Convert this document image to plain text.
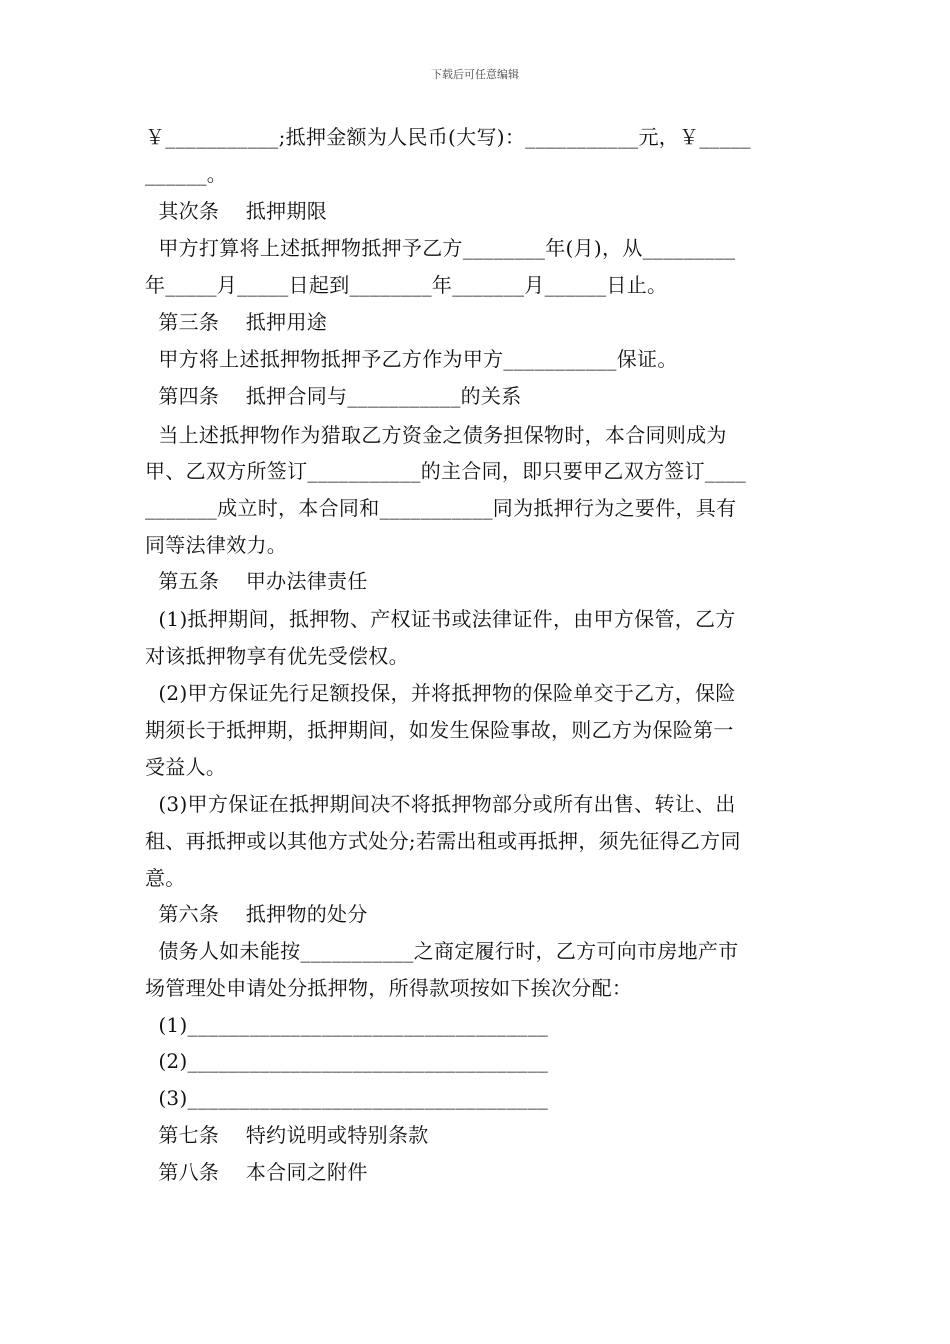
下载后可任意编辑
￥___________;抵押金额为人民币(大写)：___________元，￥_____
______。
其次条    抵押期限
甲方打算将上述抵押物抵押予乙方________年(月)，从_________
年_____月_____日起到________年_______月______日止。
第三条    抵押用途
甲方将上述抵押物抵押予乙方作为甲方___________保证。
第四条    抵押合同与___________的关系
当上述抵押物作为猎取乙方资金之债务担保物时，本合同则成为
甲、乙双方所签订___________的主合同，即只要甲乙双方签订____
_______成立时，本合同和___________同为抵押行为之要件，具有
同等法律效力。
第五条    甲办法律责任
(1)抵押期间，抵押物、产权证书或法律证件，由甲方保管，乙方
对该抵押物享有优先受偿权。
(2)甲方保证先行足额投保，并将抵押物的保险单交于乙方，保险
期须长于抵押期，抵押期间，如发生保险事故，则乙方为保险第一
受益人。
(3)甲方保证在抵押期间决不将抵押物部分或所有出售、转让、出
租、再抵押或以其他方式处分;若需出租或再抵押，须先征得乙方同
意。
第六条    抵押物的处分
债务人如未能按___________之商定履行时，乙方可向市房地产市
场管理处申请处分抵押物，所得款项按如下挨次分配：
(1)___________________________________
(2)___________________________________
(3)___________________________________
第七条    特约说明或特别条款
第八条    本合同之附件
